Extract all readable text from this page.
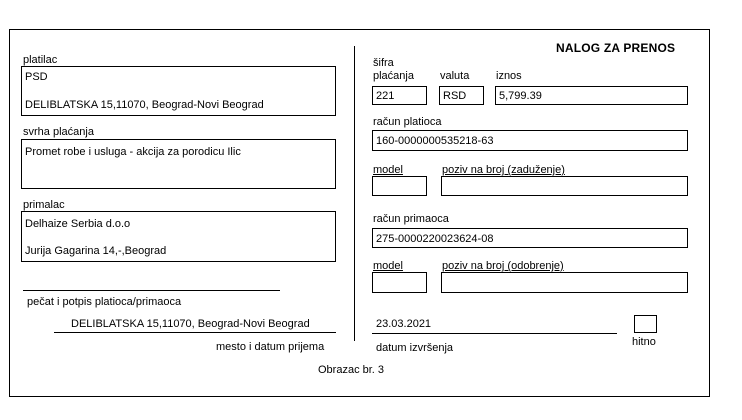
NALOG ZA PRENOS
platilac
PSD
DELIBLATSKA 15,11070, Beograd-Novi Beograd
svrha plaćanja
Promet robe i usluga - akcija za porodicu Ilic
primalac
Delhaize Serbia d.o.o
Jurija Gagarina 14,-,Beograd
pečat i potpis platioca/primaoca
DELIBLATSKA 15,11070, Beograd-Novi Beograd
mesto i datum prijema
šifra
plaćanja valuta iznos
221	RSD	5,799.39
račun platioca
160-0000000535218-63
model	poziv na broj (zaduženje)
račun primaoca
275-0000220023624-08
model	poziv na broj (odobrenje)
23.03.2021
datum izvršenja	hitno
Obrazac br. 3
